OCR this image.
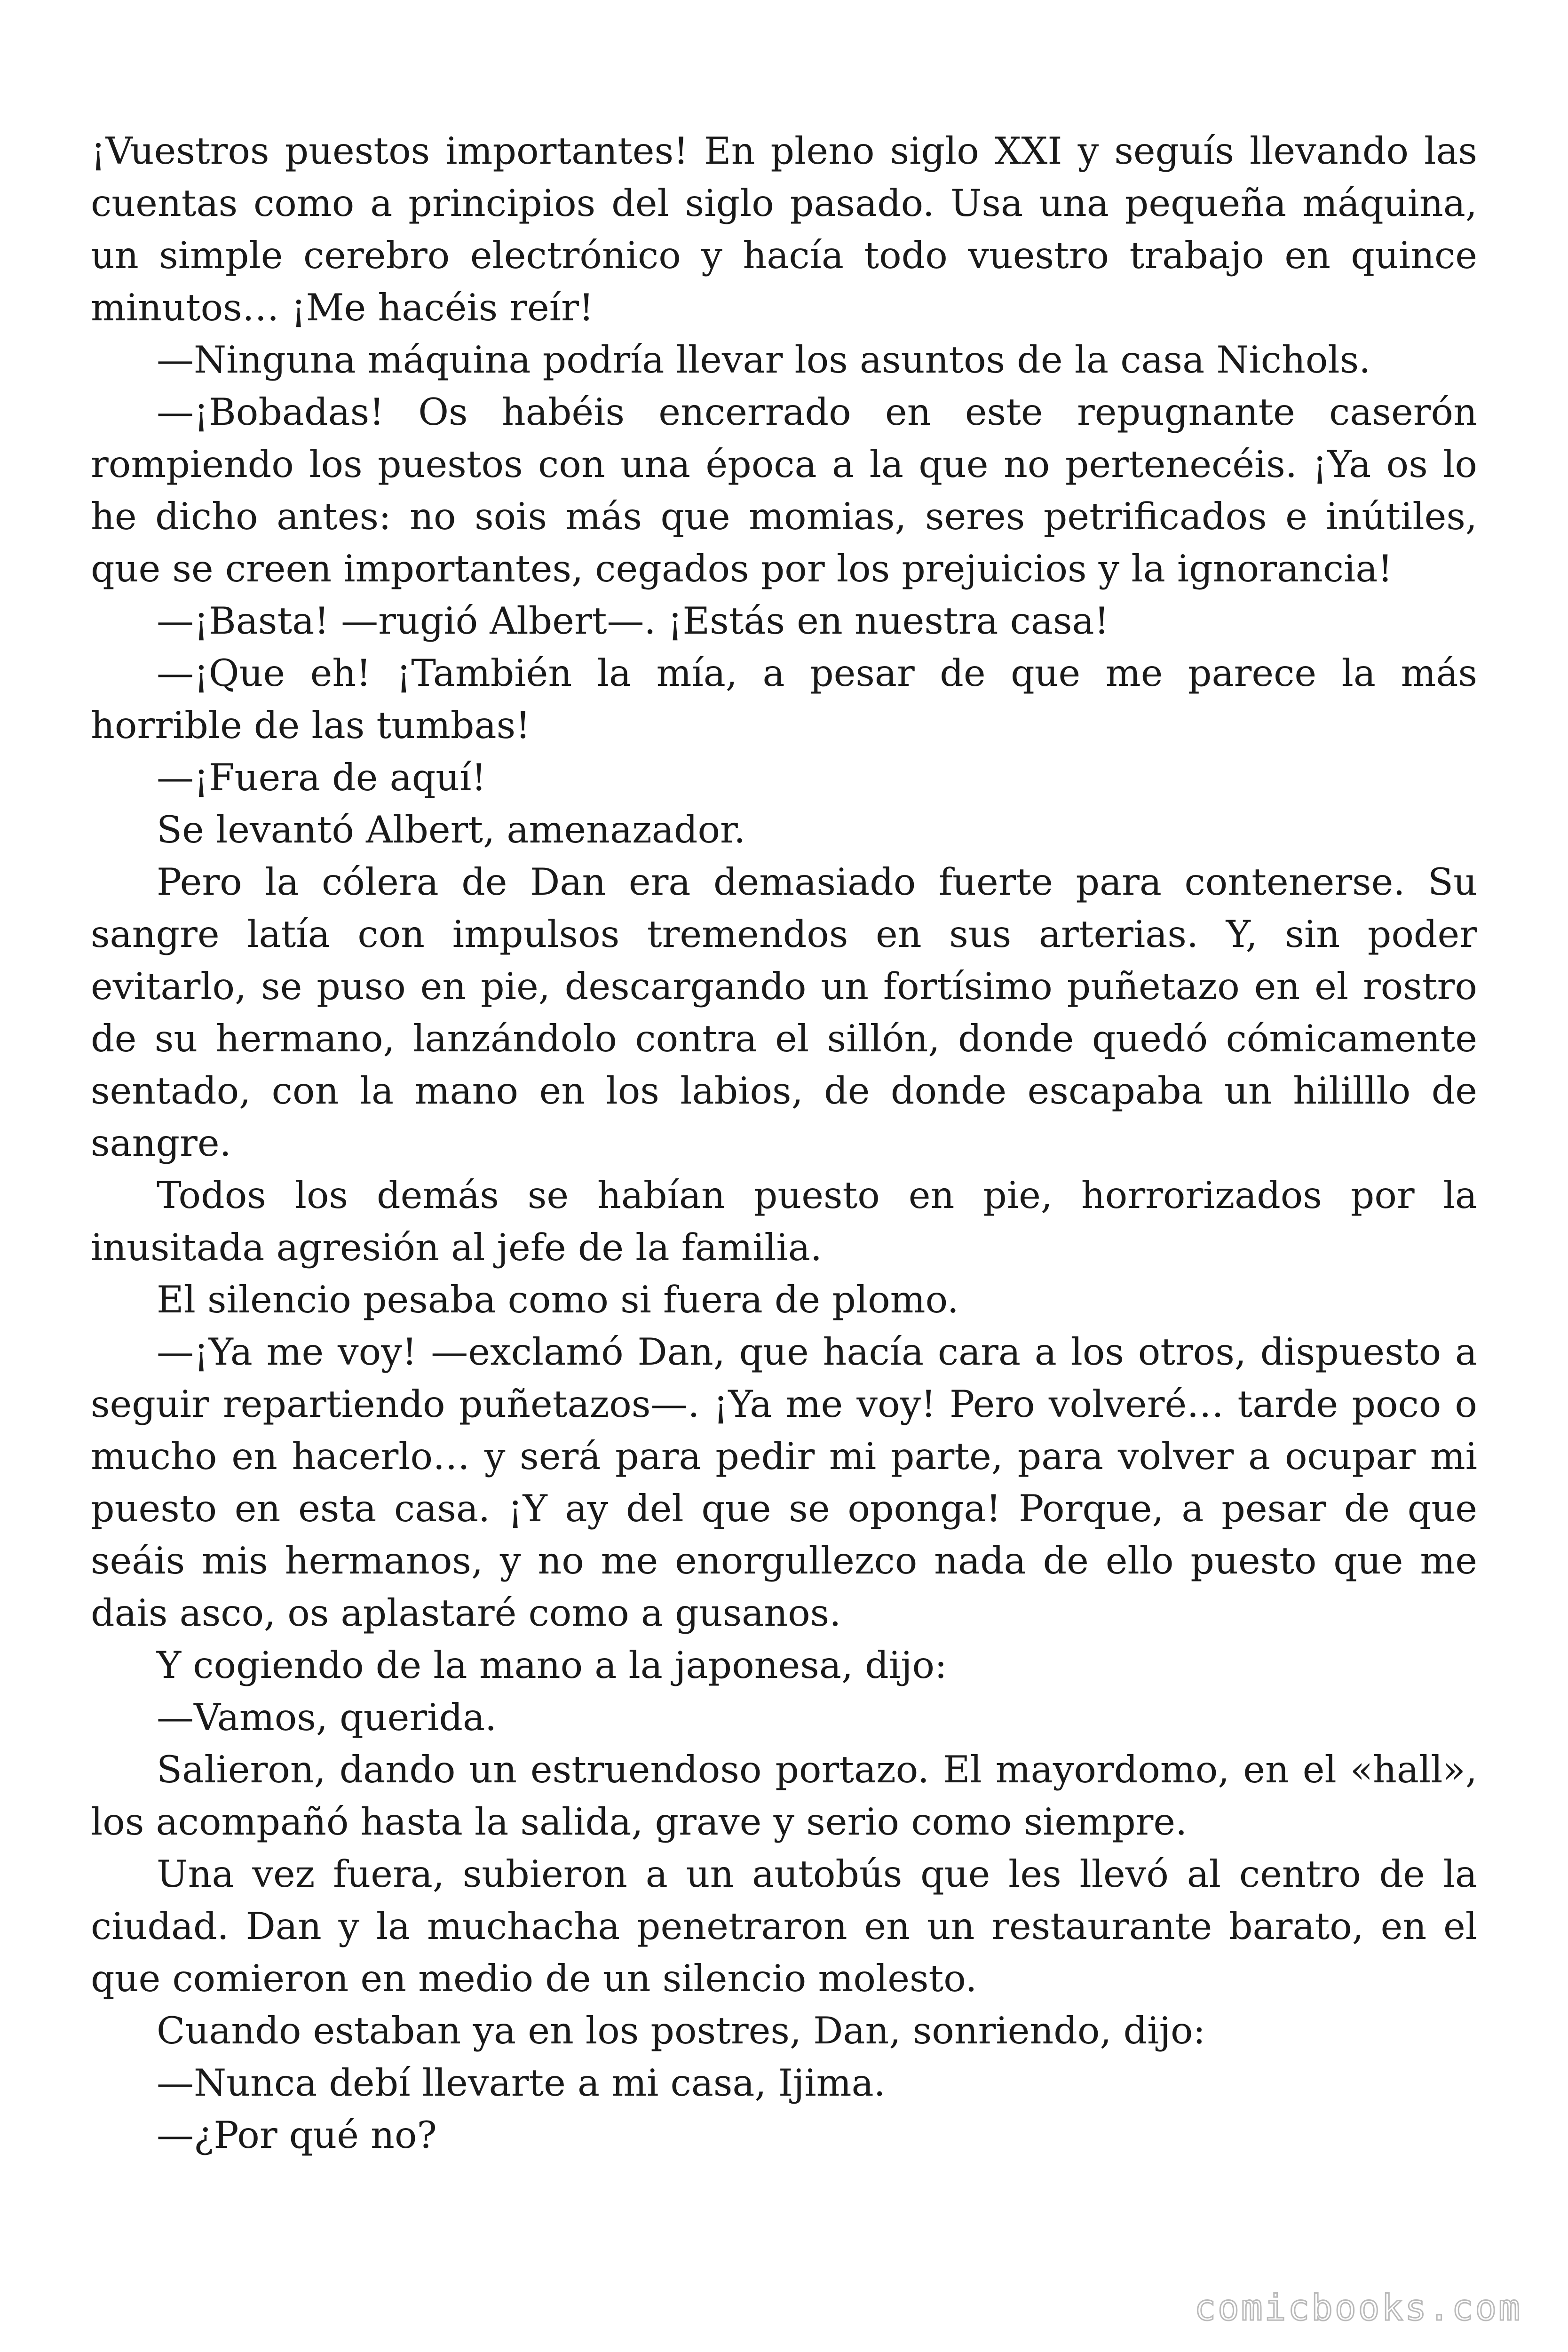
¡Vuestros puestos importantes! En pleno siglo XXI y seguís llevando las cuentas como a principios del siglo pasado. Usa una pequeña máquina, un simple cerebro electrónico y hacía todo vuestro trabajo en quince minutos… ¡Me hacéis reír!

—Ninguna máquina podría llevar los asuntos de la casa Nichols.

—¡Bobadas! Os habéis encerrado en este repugnante caserón rompiendo los puestos con una época a la que no pertenecéis. ¡Ya os lo he dicho antes: no sois más que momias, seres petrificados e inútiles, que se creen importantes, cegados por los prejuicios y la ignorancia!

—¡Basta! —rugió Albert—. ¡Estás en nuestra casa!

—¡Que eh! ¡También la mía, a pesar de que me parece la más horrible de las tumbas!

—¡Fuera de aquí!

Se levantó Albert, amenazador.

Pero la cólera de Dan era demasiado fuerte para contenerse. Su sangre latía con impulsos tremendos en sus arterias. Y, sin poder evitarlo, se puso en pie, descargando un fortísimo puñetazo en el rostro de su hermano, lanzándolo contra el sillón, donde quedó cómicamente sentado, con la mano en los labios, de donde escapaba un hililllo de sangre.

Todos los demás se habían puesto en pie, horrorizados por la inusitada agresión al jefe de la familia.

El silencio pesaba como si fuera de plomo.

—¡Ya me voy! —exclamó Dan, que hacía cara a los otros, dispuesto a seguir repartiendo puñetazos—. ¡Ya me voy! Pero volveré… tarde poco o mucho en hacerlo… y será para pedir mi parte, para volver a ocupar mi puesto en esta casa. ¡Y ay del que se oponga! Porque, a pesar de que seáis mis hermanos, y no me enorgullezco nada de ello puesto que me dais asco, os aplastaré como a gusanos.

Y cogiendo de la mano a la japonesa, dijo:

—Vamos, querida.

Salieron, dando un estruendoso portazo. El mayordomo, en el «hall», los acompañó hasta la salida, grave y serio como siempre.

Una vez fuera, subieron a un autobús que les llevó al centro de la ciudad. Dan y la muchacha penetraron en un restaurante barato, en el que comieron en medio de un silencio molesto.

Cuando estaban ya en los postres, Dan, sonriendo, dijo:

—Nunca debí llevarte a mi casa, Ijima.

—¿Por qué no?

comicbooks.com
